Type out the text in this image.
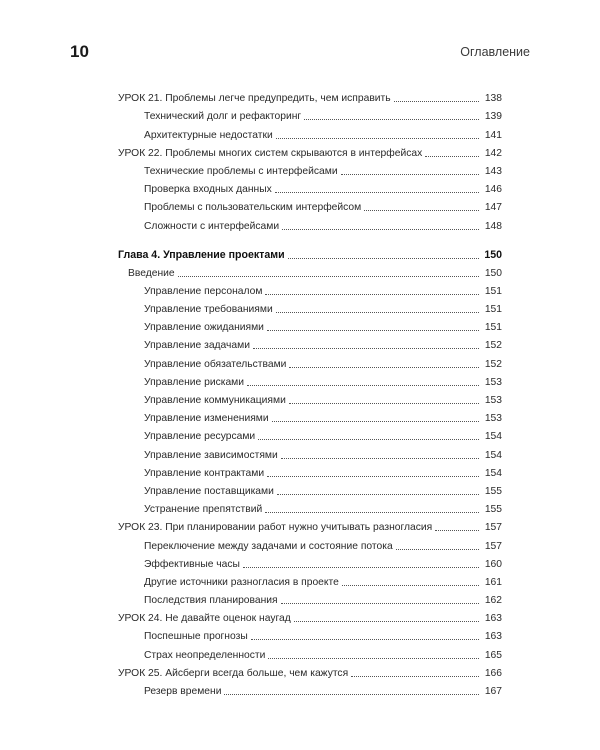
10	Оглавление
УРОК 21. Проблемы легче предупредить, чем исправить	138
Технический долг и рефакторинг	139
Архитектурные недостатки	141
УРОК 22. Проблемы многих систем скрываются в интерфейсах	142
Технические проблемы с интерфейсами	143
Проверка входных данных	146
Проблемы с пользовательским интерфейсом	147
Сложности с интерфейсами	148
Глава 4. Управление проектами	150
Введение	150
Управление персоналом	151
Управление требованиями	151
Управление ожиданиями	151
Управление задачами	152
Управление обязательствами	152
Управление рисками	153
Управление коммуникациями	153
Управление изменениями	153
Управление ресурсами	154
Управление зависимостями	154
Управление контрактами	154
Управление поставщиками	155
Устранение препятствий	155
УРОК 23. При планировании работ нужно учитывать разногласия	157
Переключение между задачами и состояние потока	157
Эффективные часы	160
Другие источники разногласия в проекте	161
Последствия планирования	162
УРОК 24. Не давайте оценок наугад	163
Поспешные прогнозы	163
Страх неопределенности	165
УРОК 25. Айсберги всегда больше, чем кажутся	166
Резерв времени	167
